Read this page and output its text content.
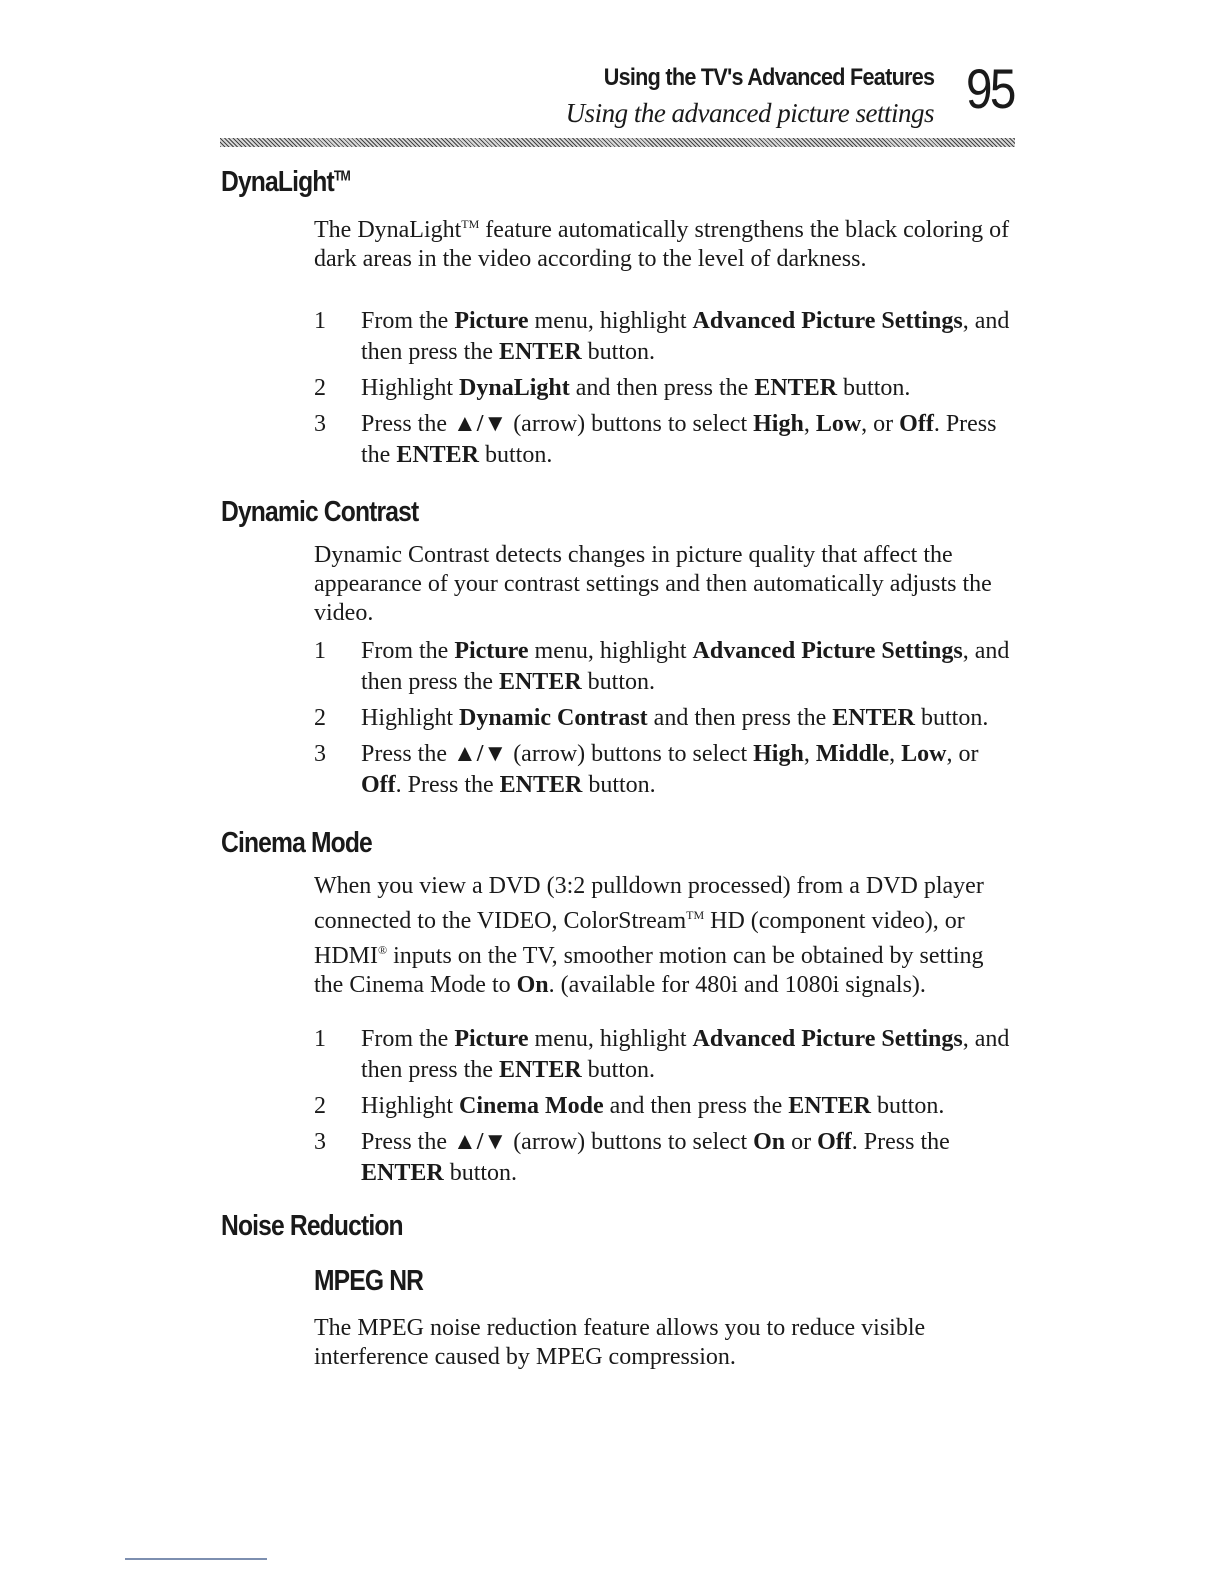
Using the TV's Advanced Features
Using the advanced picture settings 95
DynaLight™

The DynaLight™ feature automatically strengthens the black coloring of dark areas in the video according to the level of darkness.

1 From the Picture menu, highlight Advanced Picture Settings, and then press the ENTER button.
2 Highlight DynaLight and then press the ENTER button.
3 Press the ▲/▼ (arrow) buttons to select High, Low, or Off. Press the ENTER button.
Dynamic Contrast

Dynamic Contrast detects changes in picture quality that affect the appearance of your contrast settings and then automatically adjusts the video.

1 From the Picture menu, highlight Advanced Picture Settings, and then press the ENTER button.
2 Highlight Dynamic Contrast and then press the ENTER button.
3 Press the ▲/▼ (arrow) buttons to select High, Middle, Low, or Off. Press the ENTER button.
Cinema Mode

When you view a DVD (3:2 pulldown processed) from a DVD player connected to the VIDEO, ColorStream™ HD (component video), or HDMI® inputs on the TV, smoother motion can be obtained by setting the Cinema Mode to On. (available for 480i and 1080i signals).

1 From the Picture menu, highlight Advanced Picture Settings, and then press the ENTER button.
2 Highlight Cinema Mode and then press the ENTER button.
3 Press the ▲/▼ (arrow) buttons to select On or Off. Press the ENTER button.
Noise Reduction
MPEG NR

The MPEG noise reduction feature allows you to reduce visible interference caused by MPEG compression.
